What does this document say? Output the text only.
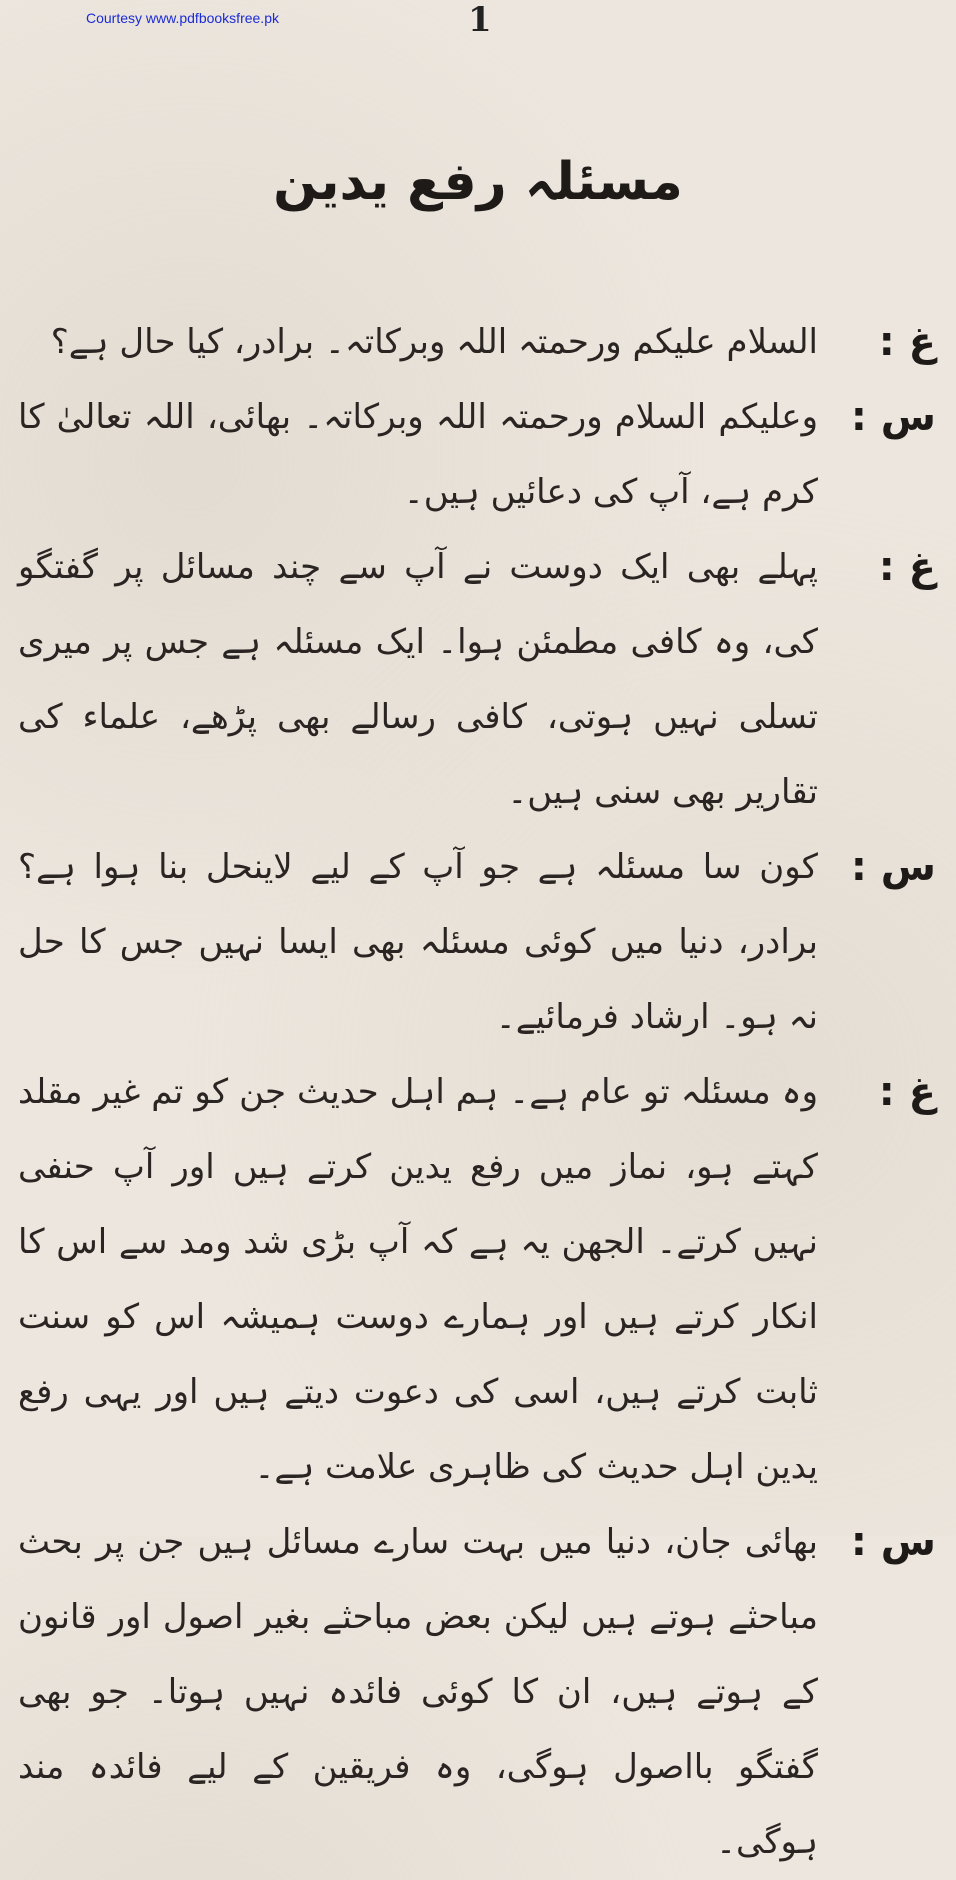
Courtesy www.pdfbooksfree.pk	1
مسئلہ رفع یدین
غ :
السلام علیکم ورحمتہ اللہ وبرکاتہ۔ برادر، کیا حال ہے؟
س :
وعلیکم السلام ورحمتہ اللہ وبرکاتہ۔ بھائی، اللہ تعالیٰ کا کرم ہے، آپ کی دعائیں ہیں۔
غ :
پہلے بھی ایک دوست نے آپ سے چند مسائل پر گفتگو کی، وہ کافی مطمئن ہوا۔ ایک مسئلہ ہے جس پر میری تسلی نہیں ہوتی، کافی رسالے بھی پڑھے، علماء کی تقاریر بھی سنی ہیں۔
س :
کون سا مسئلہ ہے جو آپ کے لیے لاینحل بنا ہوا ہے؟ برادر، دنیا میں کوئی مسئلہ بھی ایسا نہیں جس کا حل نہ ہو۔ ارشاد فرمائیے۔
غ :
وہ مسئلہ تو عام ہے۔ ہم اہل حدیث جن کو تم غیر مقلد کہتے ہو، نماز میں رفع یدین کرتے ہیں اور آپ حنفی نہیں کرتے۔ الجھن یہ ہے کہ آپ بڑی شد ومد سے اس کا انکار کرتے ہیں اور ہمارے دوست ہمیشہ اس کو سنت ثابت کرتے ہیں، اسی کی دعوت دیتے ہیں اور یہی رفع یدین اہل حدیث کی ظاہری علامت ہے۔
س :
بھائی جان، دنیا میں بہت سارے مسائل ہیں جن پر بحث مباحثے ہوتے ہیں لیکن بعض مباحثے بغیر اصول اور قانون کے ہوتے ہیں، ان کا کوئی فائدہ نہیں ہوتا۔ جو بھی گفتگو بااصول ہوگی، وہ فریقین کے لیے فائدہ مند ہوگی۔
